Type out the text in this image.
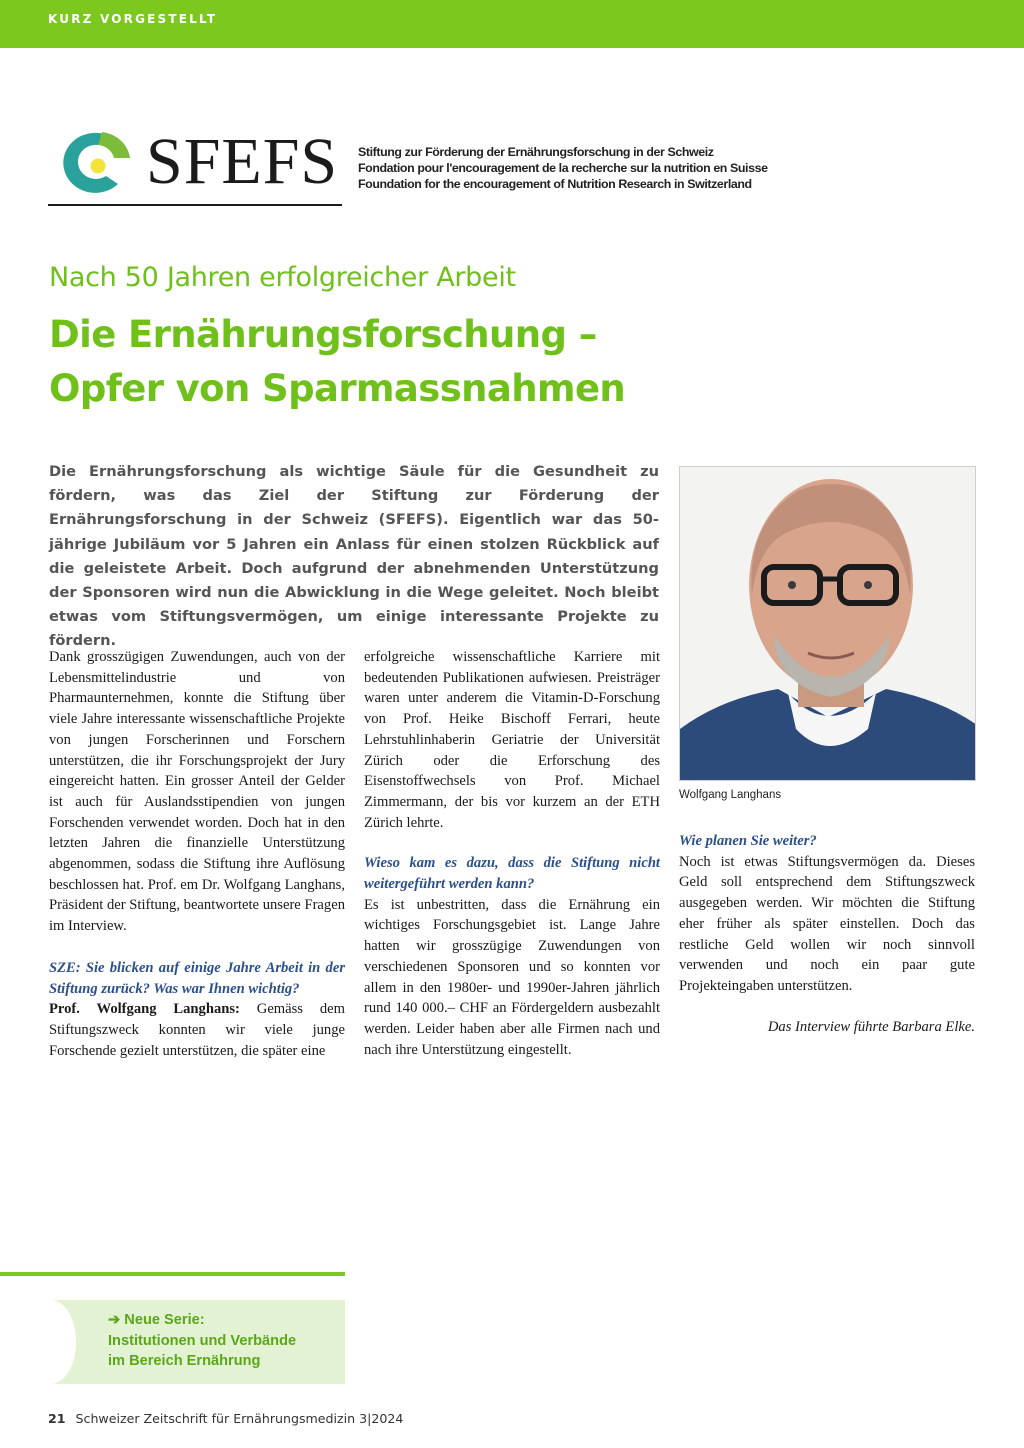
KURZ VORGESTELLT
SFEFS Stiftung zur Förderung der Ernährungsforschung in der Schweiz
Fondation pour l'encouragement de la recherche sur la nutrition en Suisse
Foundation for the encouragement of Nutrition Research in Switzerland
Nach 50 Jahren erfolgreicher Arbeit
Die Ernährungsforschung –
Opfer von Sparmassnahmen

Die Ernährungsforschung als wichtige Säule für die Gesundheit zu fördern, was das Ziel der Stiftung zur Förderung der Ernährungsforschung in der Schweiz (SFEFS). Eigentlich war das 50-jährige Jubiläum vor 5 Jahren ein Anlass für einen stolzen Rückblick auf die geleistete Arbeit. Doch aufgrund der abnehmenden Unterstützung der Sponsoren wird nun die Abwicklung in die Wege geleitet. Noch bleibt etwas vom Stiftungsvermögen, um einige interessante Projekte zu fördern.

Wolfgang Langhans

Dank grosszügigen Zuwendungen, auch von der Lebensmittelindustrie und von Pharmaunternehmen, konnte die Stiftung über viele Jahre interessante wissenschaftliche Projekte von jungen Forscherinnen und Forschern unterstützen, die ihr Forschungsprojekt der Jury eingereicht hatten. Ein grosser Anteil der Gelder ist auch für Auslandsstipendien von jungen Forschenden verwendet worden. Doch hat in den letzten Jahren die finanzielle Unterstützung abgenommen, sodass die Stiftung ihre Auflösung beschlossen hat. Prof. em Dr. Wolfgang Langhans, Präsident der Stiftung, beantwortete unsere Fragen im Interview.

SZE: Sie blicken auf einige Jahre Arbeit in der Stiftung zurück? Was war Ihnen wichtig?

Prof. Wolfgang Langhans: Gemäss dem Stiftungszweck konnten wir viele junge Forschende gezielt unterstützen, die später eine

erfolgreiche wissenschaftliche Karriere mit bedeutenden Publikationen aufwiesen. Preisträger waren unter anderem die Vitamin-D-Forschung von Prof. Heike Bischoff Ferrari, heute Lehrstuhlinhaberin Geriatrie der Universität Zürich oder die Erforschung des Eisenstoffwechsels von Prof. Michael Zimmermann, der bis vor kurzem an der ETH Zürich lehrte.

Wieso kam es dazu, dass die Stiftung nicht weitergeführt werden kann?

Es ist unbestritten, dass die Ernährung ein wichtiges Forschungsgebiet ist. Lange Jahre hatten wir grosszügige Zuwendungen von verschiedenen Sponsoren und so konnten vor allem in den 1980er- und 1990er-Jahren jährlich rund 140 000.– CHF an Fördergeldern ausbezahlt werden. Leider haben aber alle Firmen nach und nach ihre Unterstützung eingestellt.

Wie planen Sie weiter?

Noch ist etwas Stiftungsvermögen da. Dieses Geld soll entsprechend dem Stiftungszweck ausgegeben werden. Wir möchten die Stiftung eher früher als später einstellen. Doch das restliche Geld wollen wir noch sinnvoll verwenden und noch ein paar gute Projekteingaben unterstützen.

Das Interview führte Barbara Elke.

➔ Neue Serie:
Institutionen und Verbände
im Bereich Ernährung
21 Schweizer Zeitschrift für Ernährungsmedizin 3|2024
